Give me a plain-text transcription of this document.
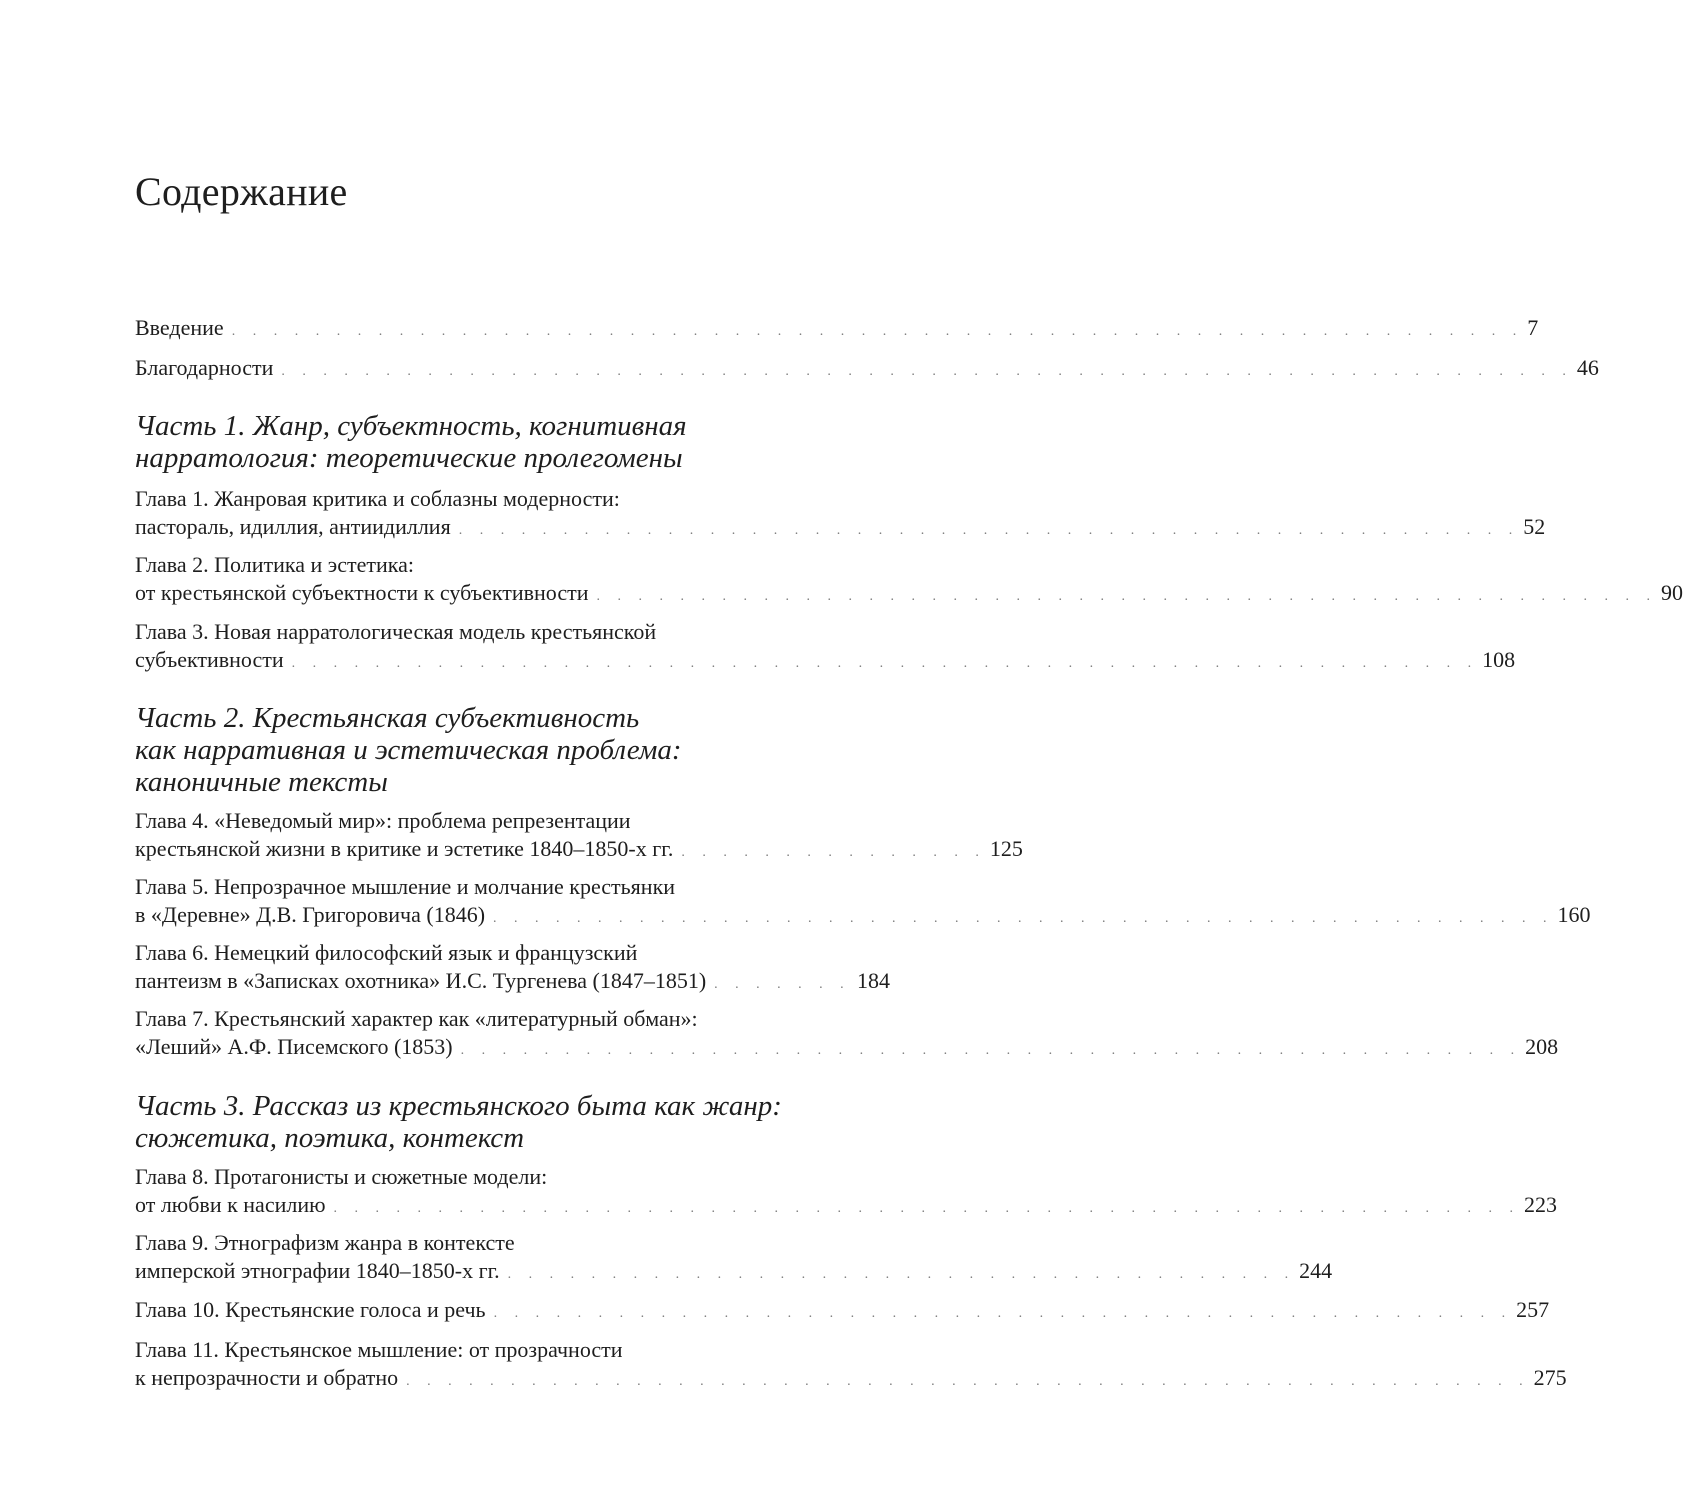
Содержание
Введение . . . . . . . . . . . . . . . . . . . . . . . . . . . . . . . . . . . . . . . . . . . . . . . . . . . . . . . . . . . . . . 7
Благодарности . . . . . . . . . . . . . . . . . . . . . . . . . . . . . . . . . . . . . . . . . . . . . . . . . . . . . . . . . . . . . . 46
Часть 1. Жанр, субъектность, когнитивная
нарратология: теоретические пролегомены
Глава 1. Жанровая критика и соблазны модерности:
пастораль, идиллия, антиидиллия . . . . . . . . . . . . . . . . . . . . . . . . . . . . . . . . . . . . . . . . . . . . . . . . . . . 52
Глава 2. Политика и эстетика:
от крестьянской субъектности к субъективности . . . . . . . . . . . . . . . . . . . . . . . . . . . . . . . . . . . . . . . . . . . . . . . . . . . 90
Глава 3. Новая нарратологическая модель крестьянской
субъективности . . . . . . . . . . . . . . . . . . . . . . . . . . . . . . . . . . . . . . . . . . . . . . . . . . . . . . . . . 108
Часть 2. Крестьянская субъективность
как нарративная и эстетическая проблема:
каноничные тексты
Глава 4. «Неведомый мир»: проблема репрезентации
крестьянской жизни в критике и эстетике 1840–1850-х гг. . . . . . . . . . . . . . . . 125
Глава 5. Непрозрачное мышление и молчание крестьянки
в «Деревне» Д.В. Григоровича (1846) . . . . . . . . . . . . . . . . . . . . . . . . . . . . . . . . . . . . . . . . . . . . . . . . . . . 160
Глава 6. Немецкий философский язык и французский
пантеизм в «Записках охотника» И.С. Тургенева (1847–1851) . . . . . . . 184
Глава 7. Крестьянский характер как «литературный обман»:
«Леший» А.Ф. Писемского (1853) . . . . . . . . . . . . . . . . . . . . . . . . . . . . . . . . . . . . . . . . . . . . . . . . . . . 208
Часть 3. Рассказ из крестьянского быта как жанр:
сюжетика, поэтика, контекст
Глава 8. Протагонисты и сюжетные модели:
от любви к насилию . . . . . . . . . . . . . . . . . . . . . . . . . . . . . . . . . . . . . . . . . . . . . . . . . . . . . . . . . 223
Глава 9. Этнографизм жанра в контексте
имперской этнографии 1840–1850-х гг. . . . . . . . . . . . . . . . . . . . . . . . . . . . . . . . . . . . . . . 244
Глава 10. Крестьянские голоса и речь . . . . . . . . . . . . . . . . . . . . . . . . . . . . . . . . . . . . . . . . . . . . . . . . . 257
Глава 11. Крестьянское мышление: от прозрачности
к непрозрачности и обратно . . . . . . . . . . . . . . . . . . . . . . . . . . . . . . . . . . . . . . . . . . . . . . . . . . . . . . 275
